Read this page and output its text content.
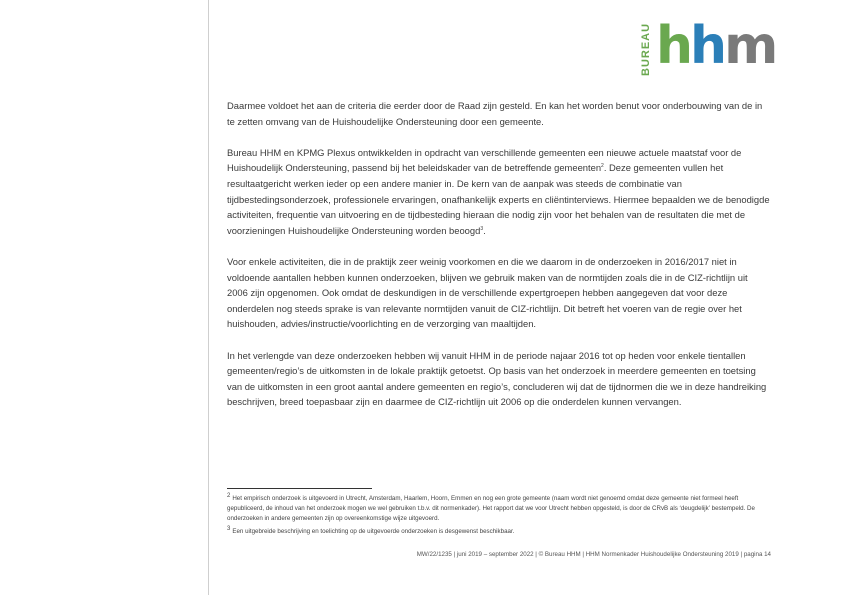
BUREAU hhm

Daarmee voldoet het aan de criteria die eerder door de Raad zijn gesteld. En kan het worden benut voor onderbouwing van de in te zetten omvang van de Huishoudelijke Ondersteuning door een gemeente.

Bureau HHM en KPMG Plexus ontwikkelden in opdracht van verschillende gemeenten een nieuwe actuele maatstaf voor de Huishoudelijk Ondersteuning, passend bij het beleidskader van de betreffende gemeenten$^2$. Deze gemeenten vullen het resultaatgericht werken ieder op een andere manier in. De kern van de aanpak was steeds de combinatie van tijdbestedingsonderzoek, professionele ervaringen, onafhankelijk experts en cliëntinterviews. Hiermee bepaalden we de benodigde activiteiten, frequentie van uitvoering en de tijdbesteding hieraan die nodig zijn voor het behalen van de resultaten die met de voorzieningen Huishoudelijke Ondersteuning worden beoogd$^3$.

Voor enkele activiteiten, die in de praktijk zeer weinig voorkomen en die we daarom in de onderzoeken in 2016/2017 niet in voldoende aantallen hebben kunnen onderzoeken, blijven we gebruik maken van de normtijden zoals die in de CIZ-richtlijn uit 2006 zijn opgenomen. Ook omdat de deskundigen in de verschillende expertgroepen hebben aangegeven dat voor deze onderdelen nog steeds sprake is van relevante normtijden vanuit de CIZ-richtlijn. Dit betreft het voeren van de regie over het huishouden, advies/instructie/voorlichting en de verzorging van maaltijden.

In het verlengde van deze onderzoeken hebben wij vanuit HHM in de periode najaar 2016 tot op heden voor enkele tientallen gemeenten/regio’s de uitkomsten in de lokale praktijk getoetst. Op basis van het onderzoek in meerdere gemeenten en toetsing van de uitkomsten in een groot aantal andere gemeenten en regio’s, concluderen wij dat de tijdnormen die we in deze handreiking beschrijven, breed toepasbaar zijn en daarmee de CIZ-richtlijn uit 2006 op die onderdelen kunnen vervangen.

2 Het empirisch onderzoek is uitgevoerd in Utrecht, Amsterdam, Haarlem, Hoorn, Emmen en nog een grote gemeente (naam wordt niet genoemd omdat deze gemeente niet formeel heeft gepubliceerd, de inhoud van het onderzoek mogen we wel gebruiken t.b.v. dit normenkader). Het rapport dat we voor Utrecht hebben opgesteld, is door de CRvB als ‘deugdelijk’ bestempeld. De onderzoeken in andere gemeenten zijn op overeenkomstige wijze uitgevoerd.

3 Een uitgebreide beschrijving en toelichting op de uitgevoerde onderzoeken is desgewenst beschikbaar.

MW/22/1235 | juni 2019 – september 2022 | © Bureau HHM | HHM Normenkader Huishoudelijke Ondersteuning 2019 | pagina 14
